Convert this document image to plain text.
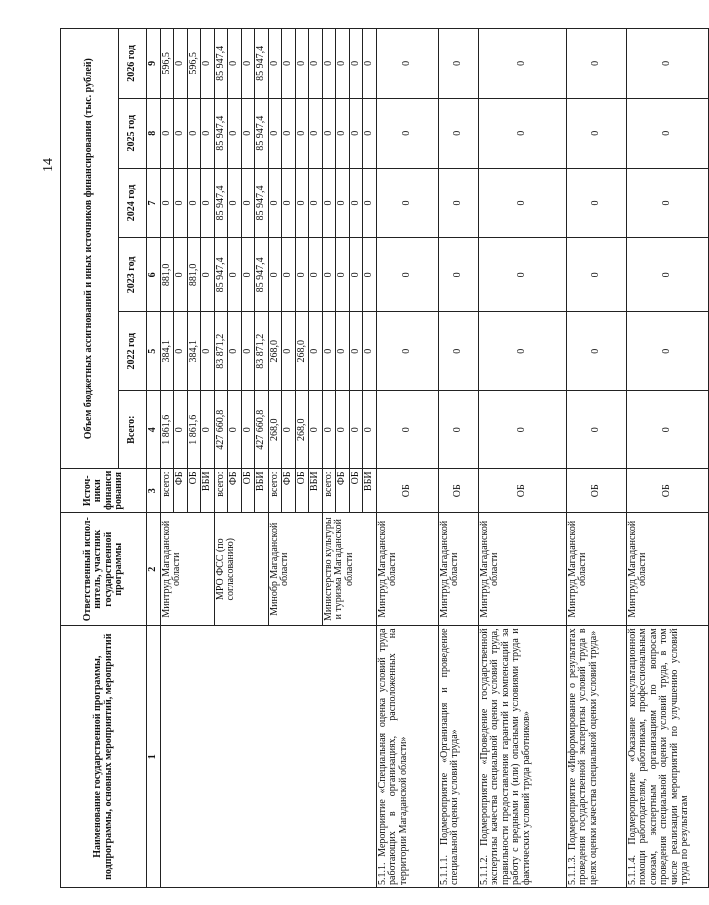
14
Наименование государственной программы, подпрограммы, основных мероприятий, мероприятий	Ответственный испол-нитель, участник государственной программы	Источ-ники финанси рования	Объем бюджетных ассигнований и иных источников финансирования (тыс. рублей)					
			Всего:	2022 год	2023 год	2024 год	2025 год	2026 год
1	2	3	4	5	6	7	8	9
	Минтруд Магаданской области	всего:	1 861,6	384,1	881,0	0	0	596,5
		ФБ	0	0	0	0	0	0
		ОБ	1 861,6	384,1	881,0	0	0	596,5
		ВБИ	0	0	0	0	0	0
	МРО ФСС (по согласованию)	всего:	427 660,8	83 871,2	85 947,4	85 947,4	85 947,4	85 947,4
		ФБ	0	0	0	0	0	0
		ОБ	0	0	0	0	0	0
		ВБИ	427 660,8	83 871,2	85 947,4	85 947,4	85 947,4	85 947,4
	Минобр Магаданской области	всего:	268,0	268,0	0	0	0	0
		ФБ	0	0	0	0	0	0
		ОБ	268,0	268,0	0	0	0	0
		ВБИ	0	0	0	0	0	0
	Министерство культуры и туризма Магаданской области	всего:	0	0	0	0	0	0
		ФБ	0	0	0	0	0	0
		ОБ	0	0	0	0	0	0
		ВБИ	0	0	0	0	0	0
5.1.1. Мероприятие «Специальная оценка условий труда работающих в организациях, расположенных на территории Магаданской области»	Минтруд Магаданской области	ОБ	0	0	0	0	0	0
5.1.1.1. Подмероприятие «Организация и проведение специальной оценки условий труда»	Минтруд Магаданской области	ОБ	0	0	0	0	0	0
5.1.1.2. Подмероприятие «Проведение государственной экспертизы качества специальной оценки условий труда, правильности предоставления гарантий и компенсаций за работу с вредными и (или) опасными условиями труда и фактических условий труда работников»	Минтруд Магаданской области	ОБ	0	0	0	0	0	0
5.1.1.3. Подмероприятие «Информирование о результатах проведения государственной экспертизы условий труда в целях оценки качества специальной оценки условий труда»	Минтруд Магаданской области	ОБ	0	0	0	0	0	0
5.1.1.4. Подмероприятие «Оказание консультационной помощи работодателям, работникам, профессиональным союзам, экспертным организациям по вопросам проведения специальной оценки условий труда, в том числе реализации мероприятий по улучшению условий труда по результатам	Минтруд Магаданской области	ОБ	0	0	0	0	0	0
